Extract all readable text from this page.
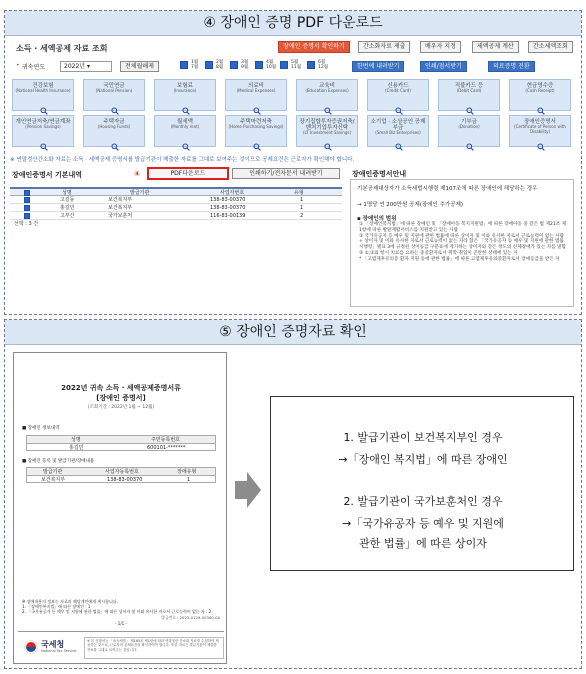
④ 장애인 증명 PDF 다운로드
소득 · 세액공제 자료 조회	장애인 증명서 확인하기	간소화자료 제출	배우자 지정	세액공제 계산	간소세액조회
• 귀속연도	2022년 ▾	전체월해제
1월
7월
2월
8월
3월
9월
4월
10월
5월
11월
6월
12월	한번에 내려받기	인쇄/점서받기	의료증명 전환
건강보험
(National Health Insurance)
국민연금
(National Pension)
보험료
(Insurance)
의료비
(Medical Expenses)
교육비
(Education Expenses)
신용카드
(Credit Card)
직불카드 등
(Debit Card)
현금영수증
(Cash Receipt)
개인연금저축/연금계좌
(Pension Savings)
주택자금
(Housing Funds)
월세액
(Monthly rent)
주택마련저축
(Home Purchasing Savings)
장기집합투자증권저축/벤처기업투자신탁
(LT Investment Savings)
소기업 · 소상공인 공제부금
(Small Biz Enterprises)
기부금
(Donation)
장애인증명서
(Certificate of Person with Disability)
※ 연말정산간소화 자료는 소득 · 세액공제 증명서를 발급기관이 제출한 자료를 그대로 보여주는 것이므로 공제요건은 근로자가 확인해야 합니다.
장애인증명서 기본내역	④	PDF다운로드	인쇄하기/전자문서 내려받기
성명	발급기관	사업자번호	유형
고길동	보건복지부	138-83-00370	1
홍길민	보건복지부	138-83-00370	1
고부산	국가보훈처	116-83-00139	2
선택 : 3 건
장애인증명서안내
기본공제대상자가 소득세법시행령 제107조에 따른 장애인에 해당하는 경우
→ 1명당 연 200만원 공제(장애인 추가공제)
▪ 장애인의 범위
① 「장애인복지법」에 따른 장애인 및 「장애아동 복지지원법」에 따른 장애아동 중 같은 법 제21조 제1항에 따른 발달재활서비스를 지원받고 있는 사람
② 국가유공자 등 예우 및 지원에 관한 법률에 따른 상이자 및 이와 유사한 자로서 근로능력이 없는 사람
+ 상이자 및 이와 유사한 자로서 근로능력이 없는 자라 함은 「국가유공자 등 예우 및 지원에 관한 법률시행령」별표 3에 규정된 상이등급 구분표에 게기하는 상이자와 같은 정도의 신체장애가 있는 자를 말함
③ ①,②외 항시 치료를 요하는 중증환자로서 취학·취업이 곤란한 상태에 있는 자
* 「고엽제후유의증 환자 지원 등에 관한 법률」에 따른 고엽제후유의증환자로서 장애등급을 받은 자
⑤ 장애인 증명자료 확인
2022년 귀속 소득 · 세액공제증명서류
[장애인 증명서]
(조회기간 : 2022년 1월 ~ 12월)
■ 장애인 정보내역
성명	주민등록번호
홍길민	600101-*******
■ 장애인 등록 및 발급기관/장애내용
발급기관	사업자등록번호	장애유형
보건복지부	138-83-00370	1
※ 장애내용의 정보는 자료의 해당개인에게 게시합니다.
1. 「장애인복지법」에 따른 장애인 : 1
2. 「국가유공자 등 예우 및 지원에 관한 법률」에 따른 상이자 및 이와 유사한 자로서 근로능력이 없는 자 : 2
- 1/1 -
발급번호 : 2023-0129-00360-00
국세청
National Tax Service
※ 본 증명서는 「소득세법」 제165조 제1항에 따라 연말정산 간소화 자료를 수집하여 제공하는 것으로, 근로자의 공제요건을 확인하여야 합니다. 또한 자료는 발급기관이 제출한 자료를 그대로 보여주는 것입니다.

1. 발급기관이 보건복지부인 경우

→「장애인 복지법」에 따른 장애인

2. 발급기관이 국가보훈처인 경우

→「국가유공자 등 예우 및 지원에

관한 법률」에 따른 상이자
